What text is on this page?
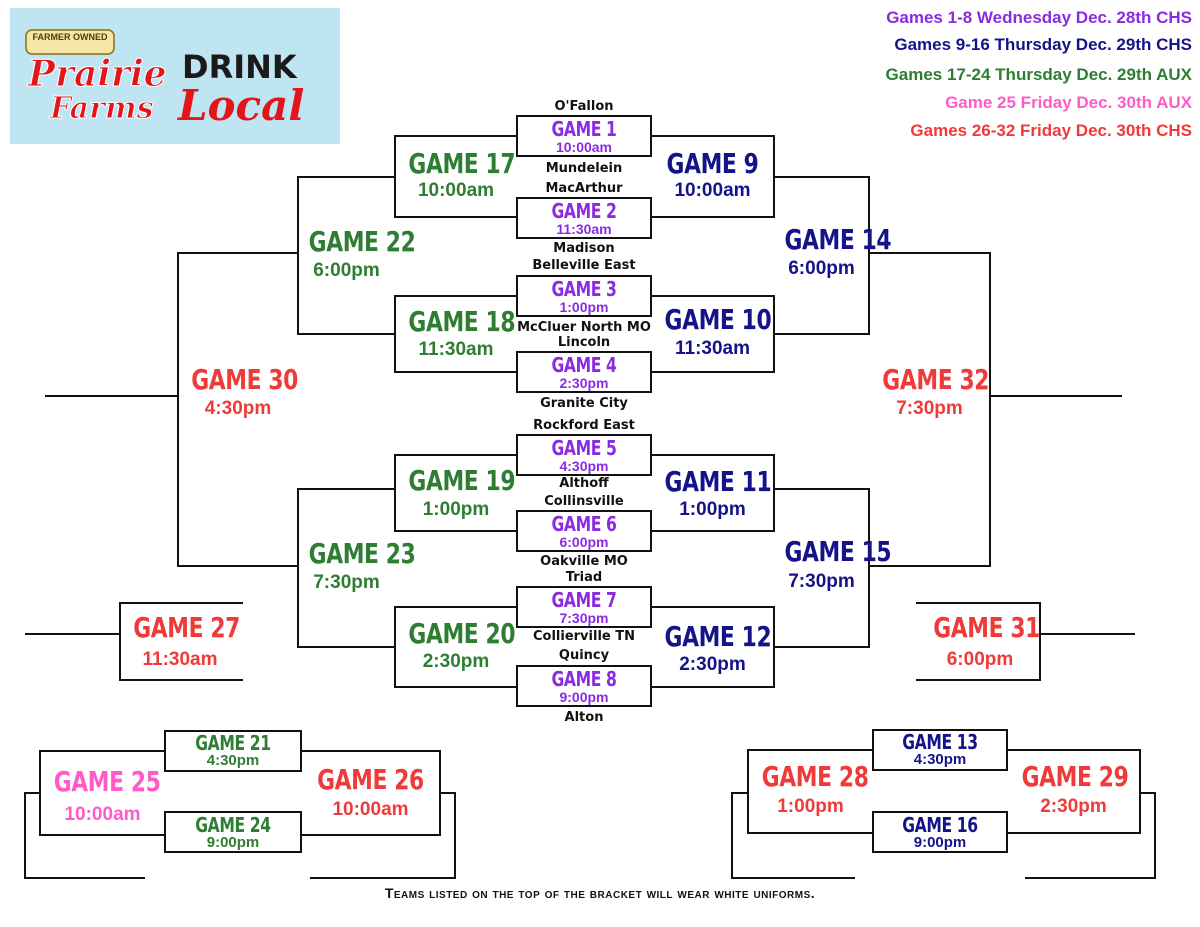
FARMER OWNED
Prairie
Farms
DRINK
Local
Games 1-8 Wednesday Dec. 28th CHS
Games 9-16 Thursday Dec. 29th CHS
Games 17-24 Thursday Dec. 29th AUX
Game 25 Friday Dec. 30th AUX
Games 26-32 Friday Dec. 30th CHS
O'Fallon
Mundelein
MacArthur
Madison
Belleville East
McCluer North MO
Lincoln
Granite City
Rockford East
Althoff
Collinsville
Oakville MO
Triad
Collierville TN
Quincy
Alton
GAME 1
10:00am
GAME 2
11:30am
GAME 3
1:00pm
GAME 4
2:30pm
GAME 5
4:30pm
GAME 6
6:00pm
GAME 7
7:30pm
GAME 8
9:00pm
GAME 17
10:00am
GAME 18
11:30am
GAME 19
1:00pm
GAME 20
2:30pm
GAME 9
10:00am
GAME 10
11:30am
GAME 11
1:00pm
GAME 12
2:30pm
GAME 22
6:00pm
GAME 23
7:30pm
GAME 14
6:00pm
GAME 15
7:30pm
GAME 30
4:30pm
GAME 32
7:30pm
GAME 27
11:30am
GAME 31
6:00pm
GAME 21
4:30pm
GAME 24
9:00pm
GAME 25
10:00am
GAME 26
10:00am
GAME 13
4:30pm
GAME 16
9:00pm
GAME 28
1:00pm
GAME 29
2:30pm
Teams listed on the top of the bracket will wear white uniforms.
